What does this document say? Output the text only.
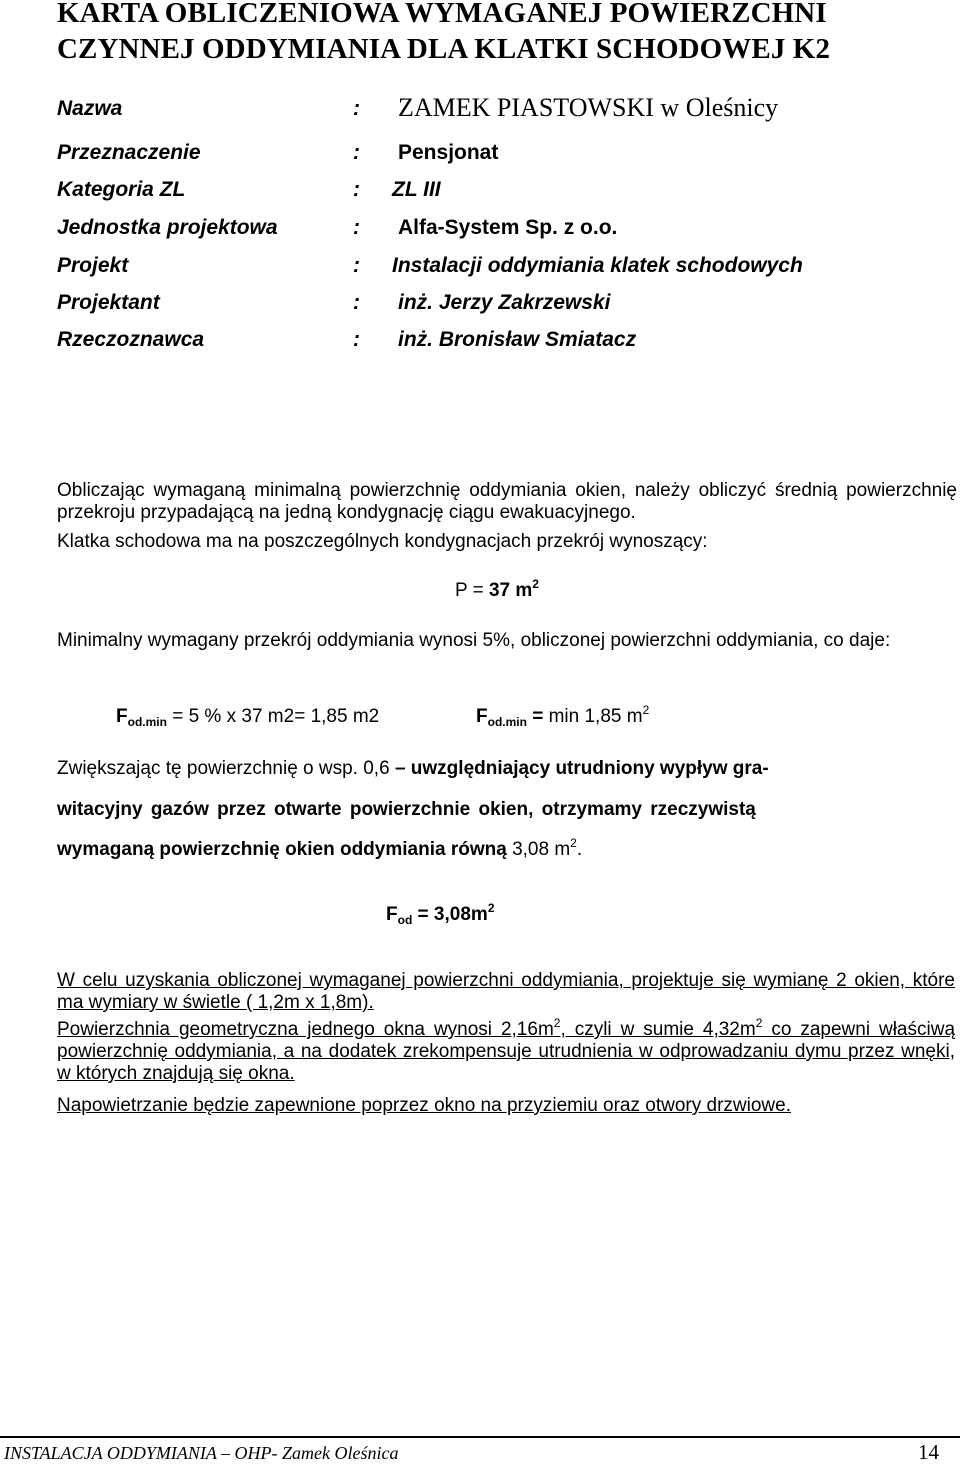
KARTA OBLICZENIOWA WYMAGANEJ POWIERZCHNI
CZYNNEJ ODDYMIANIA DLA KLATKI SCHODOWEJ K2
Nazwa	: ZAMEK PIASTOWSKI w Oleśnicy
Przeznaczenie	: Pensjonat
Kategoria ZL	: ZL III
Jednostka projektowa	: Alfa-System Sp. z o.o.
Projekt	: Instalacji oddymiania klatek schodowych
Projektant	: inż. Jerzy Zakrzewski
Rzeczoznawca	: inż. Bronisław Smiatacz
Obliczając wymaganą minimalną powierzchnię oddymiania okien, należy obliczyć średnią powierzchnię przekroju przypadającą na jedną kondygnację ciągu ewakuacyjnego.
Klatka schodowa ma na poszczególnych kondygnacjach przekrój wynoszący:
P = 37 $m^2$
Minimalny wymagany przekrój oddymiania wynosi 5%, obliczonej powierzchni oddymiania, co daje:
$F_{od.min} = 5$ % x 37 m2= 1,85 m2	$F_{od.min} = \min 1,85$ $m^2$
Zwiększając tę powierzchnię o wsp. 0,6 – uwzględniający utrudniony wypływ gra-
witacyjny gazów przez otwarte powierzchnie okien, otrzymamy rzeczywistą
wymaganą powierzchnię okien oddymiania równą 3,08 $m^2$.
$F_{od} = 3,08m^2$
W celu uzyskania obliczonej wymaganej powierzchni oddymiania, projektuje się wymianę 2 okien, które ma wymiary w świetle ( 1,2m x 1,8m).
Powierzchnia geometryczna jednego okna wynosi $2,16m^2$, czyli w sumie $4,32m^2$ co zapewni właściwą powierzchnię oddymiania, a na dodatek zrekompensuje utrudnienia w odprowadzaniu dymu przez wnęki, w których znajdują się okna.
Napowietrzanie będzie zapewnione poprzez okno na przyziemiu oraz otwory drzwiowe.
INSTALACJA ODDYMIANIA – OHP- Zamek Oleśnica	14
